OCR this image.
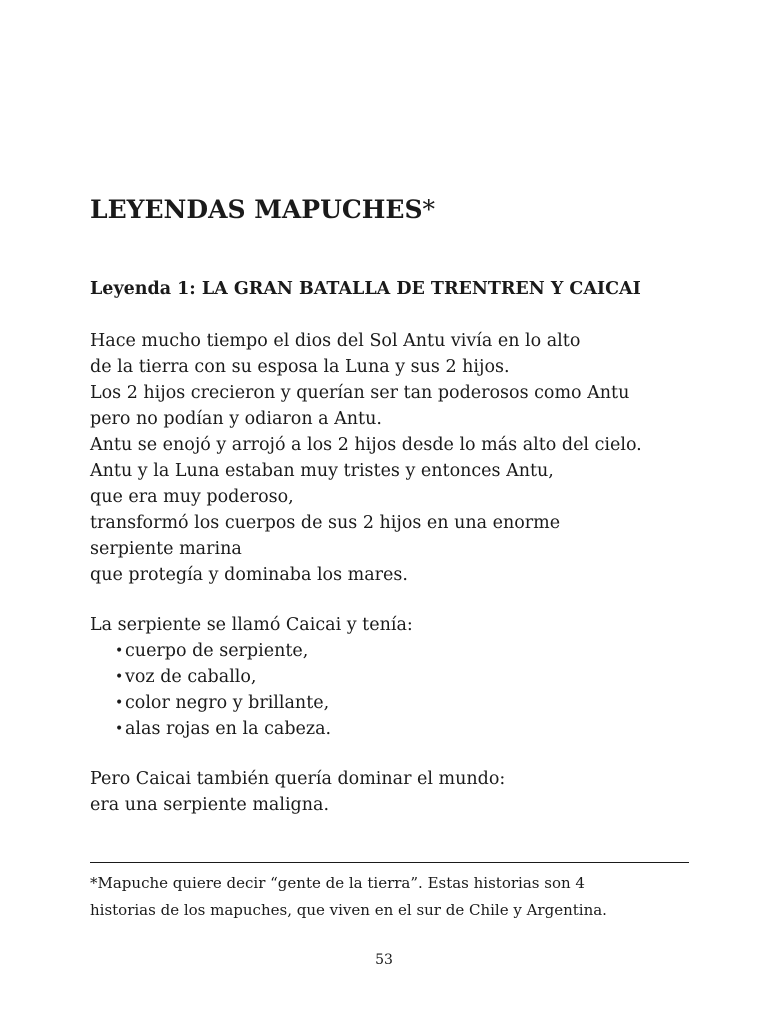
LEYENDAS MAPUCHES*
Leyenda 1: LA GRAN BATALLA DE TRENTREN Y CAICAI
Hace mucho tiempo el dios del Sol Antu vivía en lo alto
de la tierra con su esposa la Luna y sus 2 hijos.
Los 2 hijos crecieron y querían ser tan poderosos como Antu
pero no podían y odiaron a Antu.
Antu se enojó y arrojó a los 2 hijos desde lo más alto del cielo.
Antu y la Luna estaban muy tristes y entonces Antu,
que era muy poderoso,
transformó los cuerpos de sus 2 hijos en una enorme
serpiente marina
que protegía y dominaba los mares.
La serpiente se llamó Caicai y tenía:
• cuerpo de serpiente,
• voz de caballo,
• color negro y brillante,
• alas rojas en la cabeza.
Pero Caicai también quería dominar el mundo:
era una serpiente maligna.
*Mapuche quiere decir “gente de la tierra”. Estas historias son 4
historias de los mapuches, que viven en el sur de Chile y Argentina.
53
